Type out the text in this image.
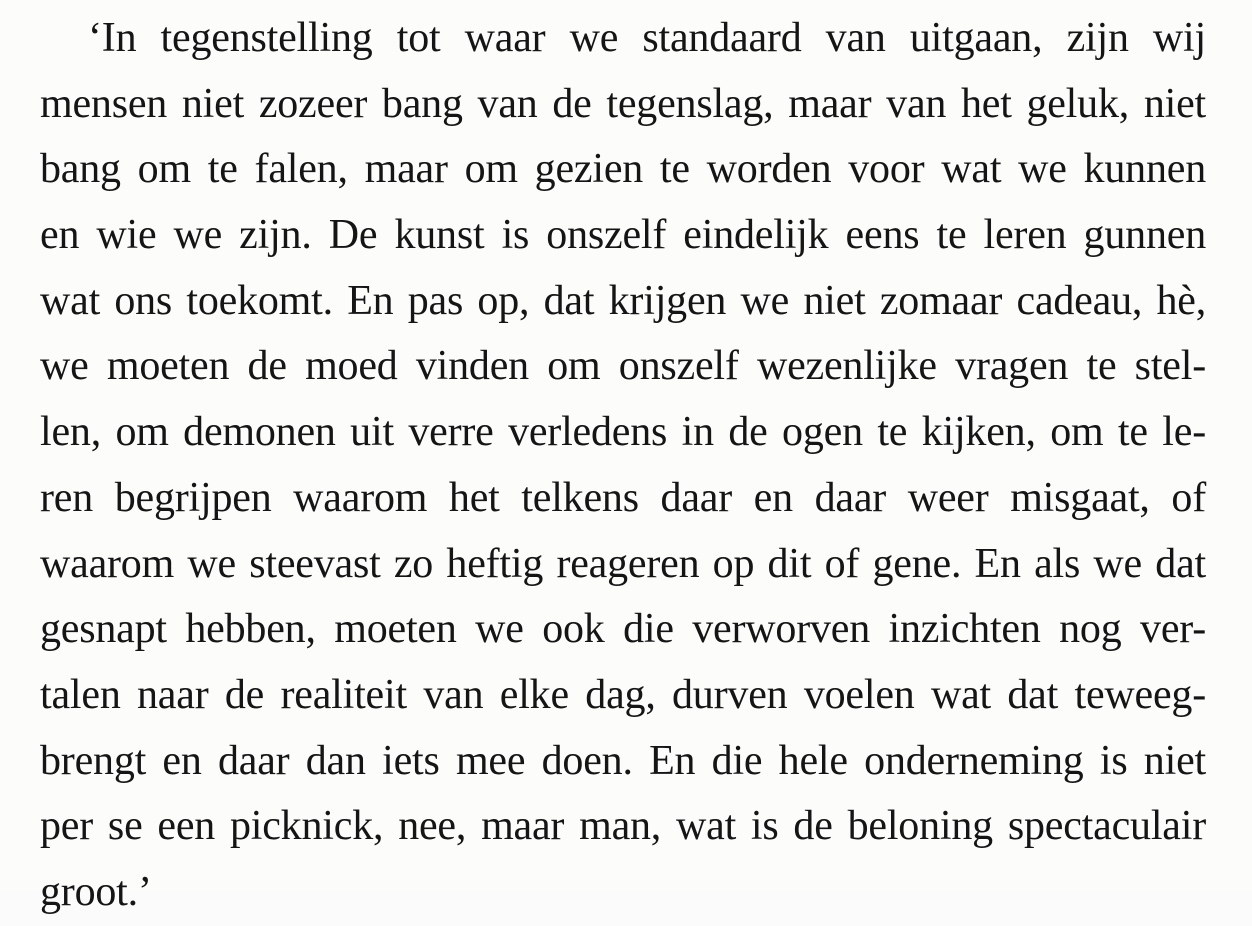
‘In tegenstelling tot waar we standaard van uitgaan, zijn wij
mensen niet zozeer bang van de tegenslag, maar van het geluk, niet
bang om te falen, maar om gezien te worden voor wat we kunnen
en wie we zijn. De kunst is onszelf eindelijk eens te leren gunnen
wat ons toekomt. En pas op, dat krijgen we niet zomaar cadeau, hè,
we moeten de moed vinden om onszelf wezenlijke vragen te stel-
len, om demonen uit verre verledens in de ogen te kijken, om te le-
ren begrijpen waarom het telkens daar en daar weer misgaat, of
waarom we steevast zo heftig reageren op dit of gene. En als we dat
gesnapt hebben, moeten we ook die verworven inzichten nog ver-
talen naar de realiteit van elke dag, durven voelen wat dat teweeg-
brengt en daar dan iets mee doen. En die hele onderneming is niet
per se een picknick, nee, maar man, wat is de beloning spectaculair
groot.’
